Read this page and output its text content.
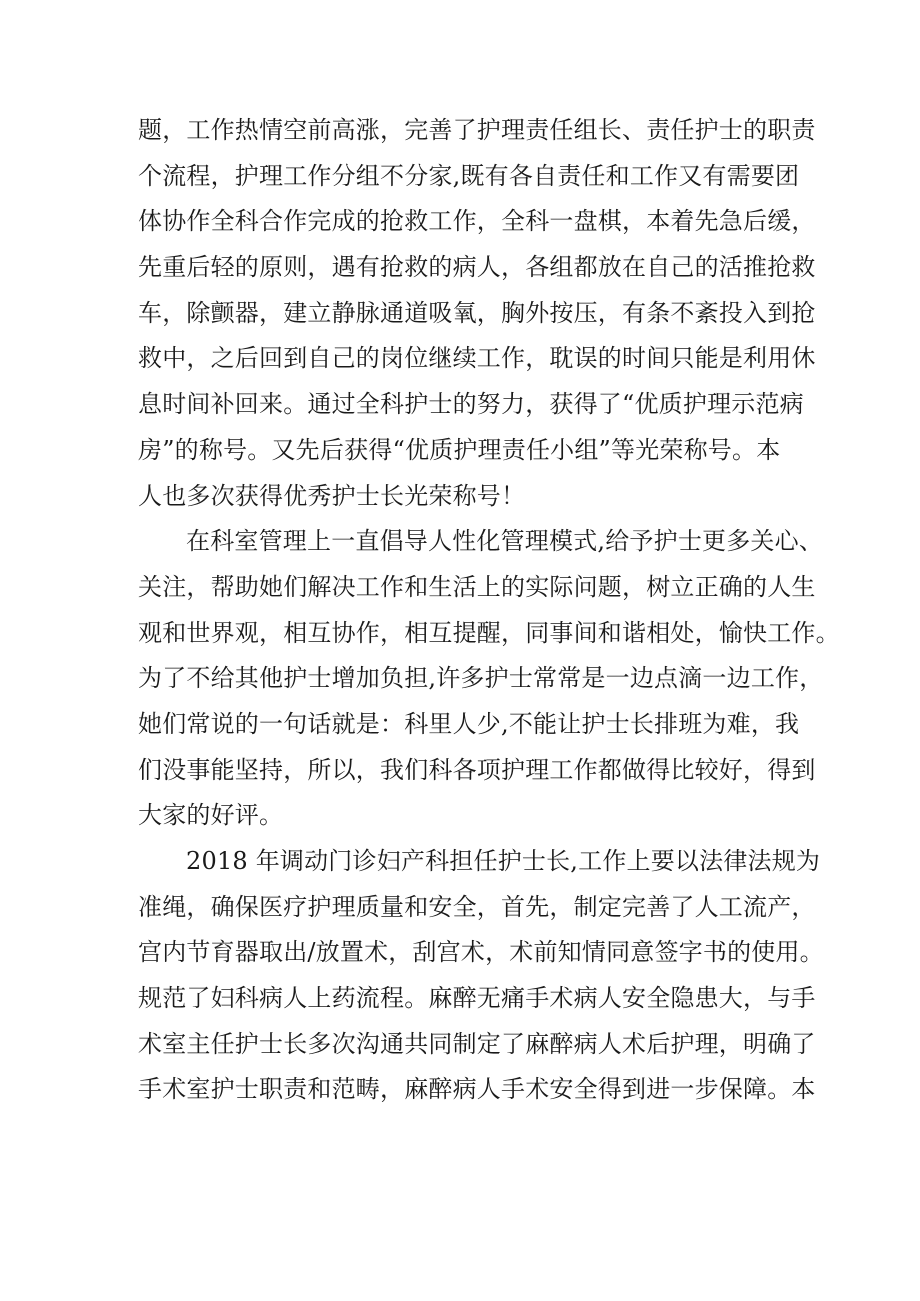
题，工作热情空前高涨，完善了护理责任组长、责任护士的职责
个流程，护理工作分组不分家,既有各自责任和工作又有需要团
体协作全科合作完成的抢救工作，全科一盘棋，本着先急后缓，
先重后轻的原则，遇有抢救的病人，各组都放在自己的活推抢救
车，除颤器，建立静脉通道吸氧，胸外按压，有条不紊投入到抢
救中，之后回到自己的岗位继续工作，耽误的时间只能是利用休
息时间补回来。通过全科护士的努力，获得了“优质护理示范病
房”的称号。又先后获得“优质护理责任小组”等光荣称号。本
人也多次获得优秀护士长光荣称号！
在科室管理上一直倡导人性化管理模式,给予护士更多关心、
关注，帮助她们解决工作和生活上的实际问题，树立正确的人生
观和世界观，相互协作，相互提醒，同事间和谐相处，愉快工作。
为了不给其他护士增加负担,许多护士常常是一边点滴一边工作，
她们常说的一句话就是：科里人少,不能让护士长排班为难，我
们没事能坚持，所以，我们科各项护理工作都做得比较好，得到
大家的好评。
2018 年调动门诊妇产科担任护士长,工作上要以法律法规为
准绳，确保医疗护理质量和安全，首先，制定完善了人工流产，
宫内节育器取出/放置术，刮宫术，术前知情同意签字书的使用。
规范了妇科病人上药流程。麻醉无痛手术病人安全隐患大，与手
术室主任护士长多次沟通共同制定了麻醉病人术后护理，明确了
手术室护士职责和范畴，麻醉病人手术安全得到进一步保障。本
